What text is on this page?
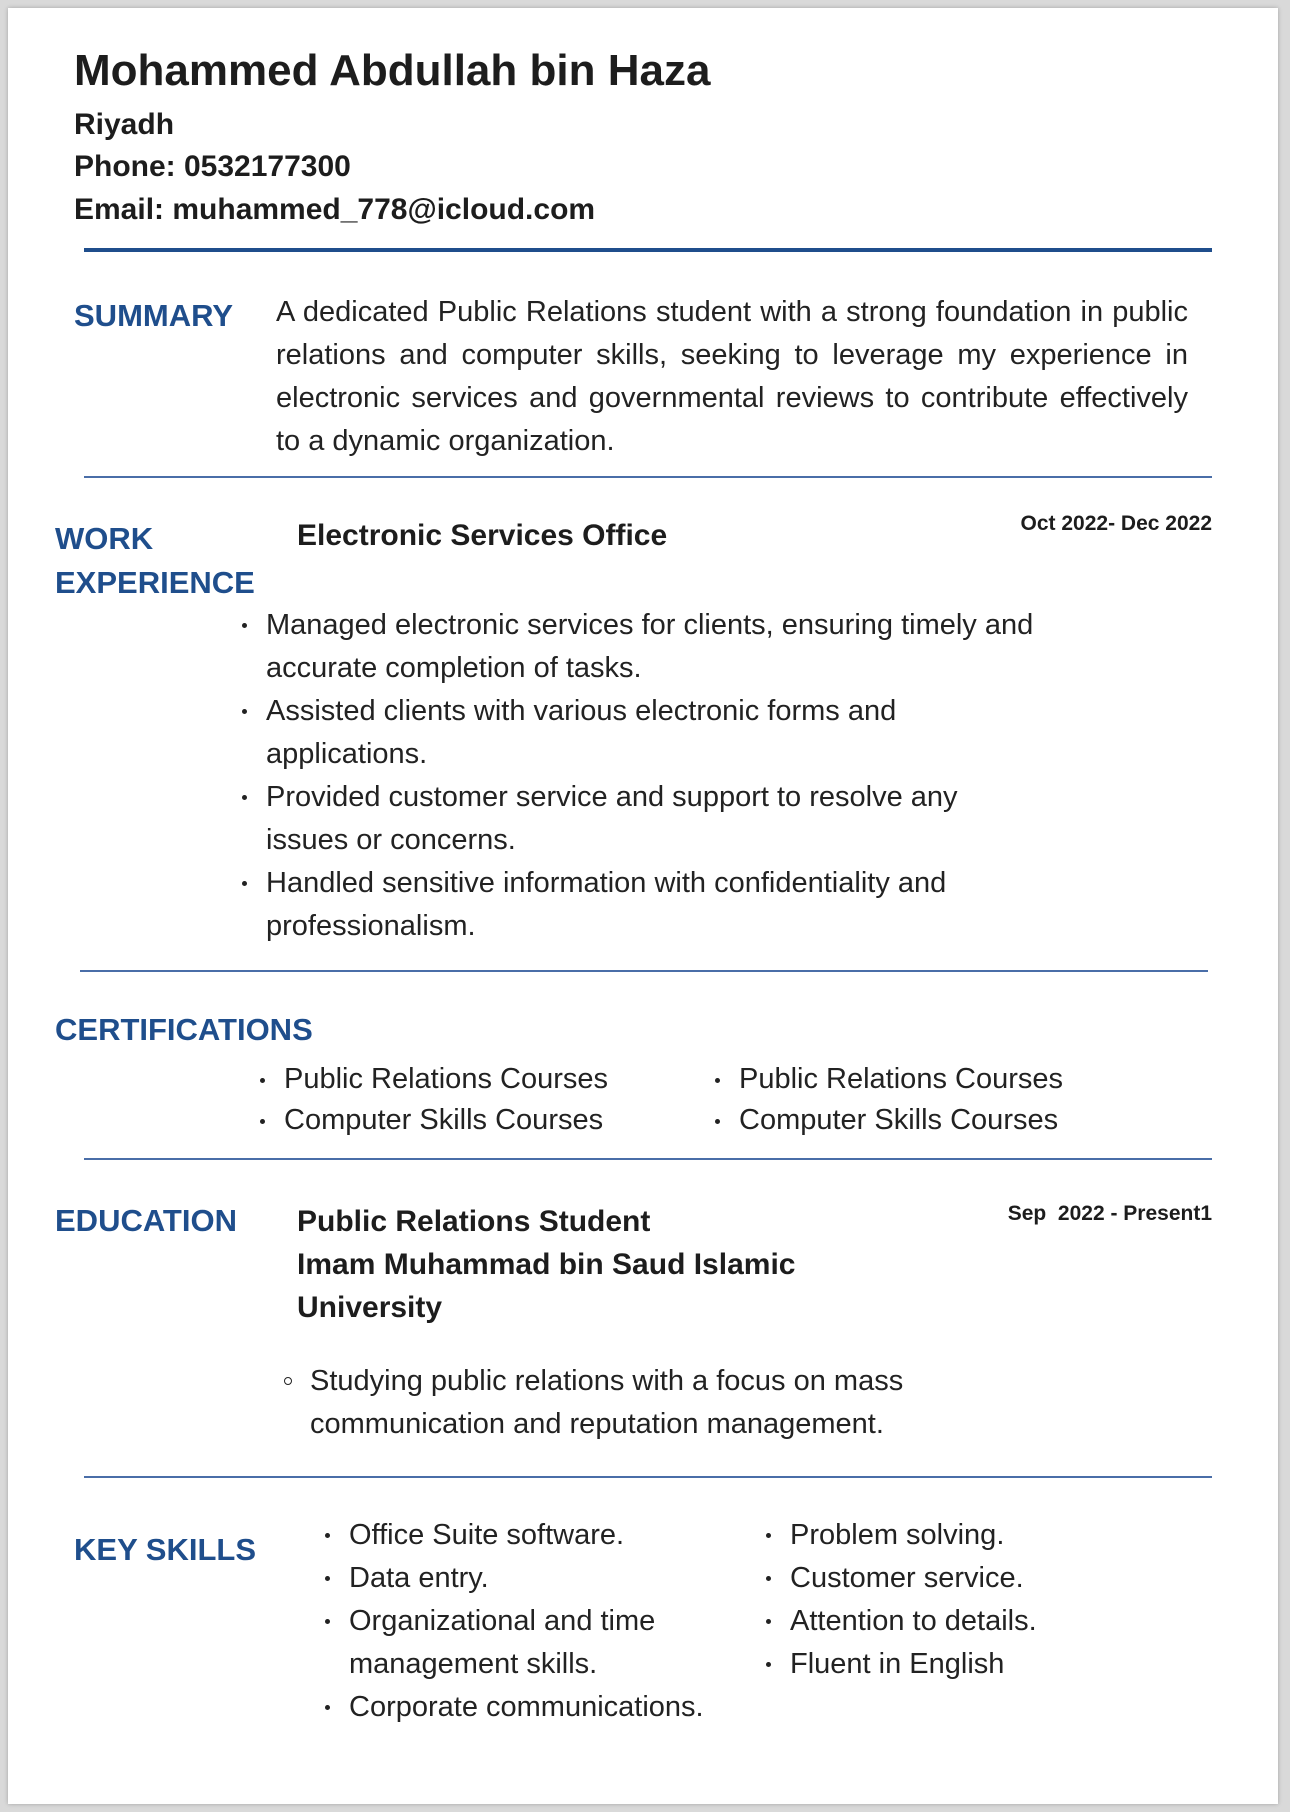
Mohammed Abdullah bin Haza
Riyadh
Phone: 0532177300
Email: muhammed_778@icloud.com
SUMMARY A dedicated Public Relations student with a strong foundation in public relations and computer skills, seeking to leverage my experience in electronic services and governmental reviews to contribute effectively to a dynamic organization.
WORK
EXPERIENCE
Electronic Services Office	Oct 2022- Dec 2022
Managed electronic services for clients, ensuring timely and accurate completion of tasks.
Assisted clients with various electronic forms and applications.
Provided customer service and support to resolve any issues or concerns.
Handled sensitive information with confidentiality and professionalism.
CERTIFICATIONS
Public Relations Courses
Computer Skills Courses
Public Relations Courses
Computer Skills Courses
EDUCATION Public Relations Student
Imam Muhammad bin Saud Islamic
University
Sep  2022 - Present1
Studying public relations with a focus on mass communication and reputation management.
KEY SKILLS	Office Suite software.
Data entry.
Organizational and time management skills.
Corporate communications.
Problem solving.
Customer service.
Attention to details.
Fluent in English
